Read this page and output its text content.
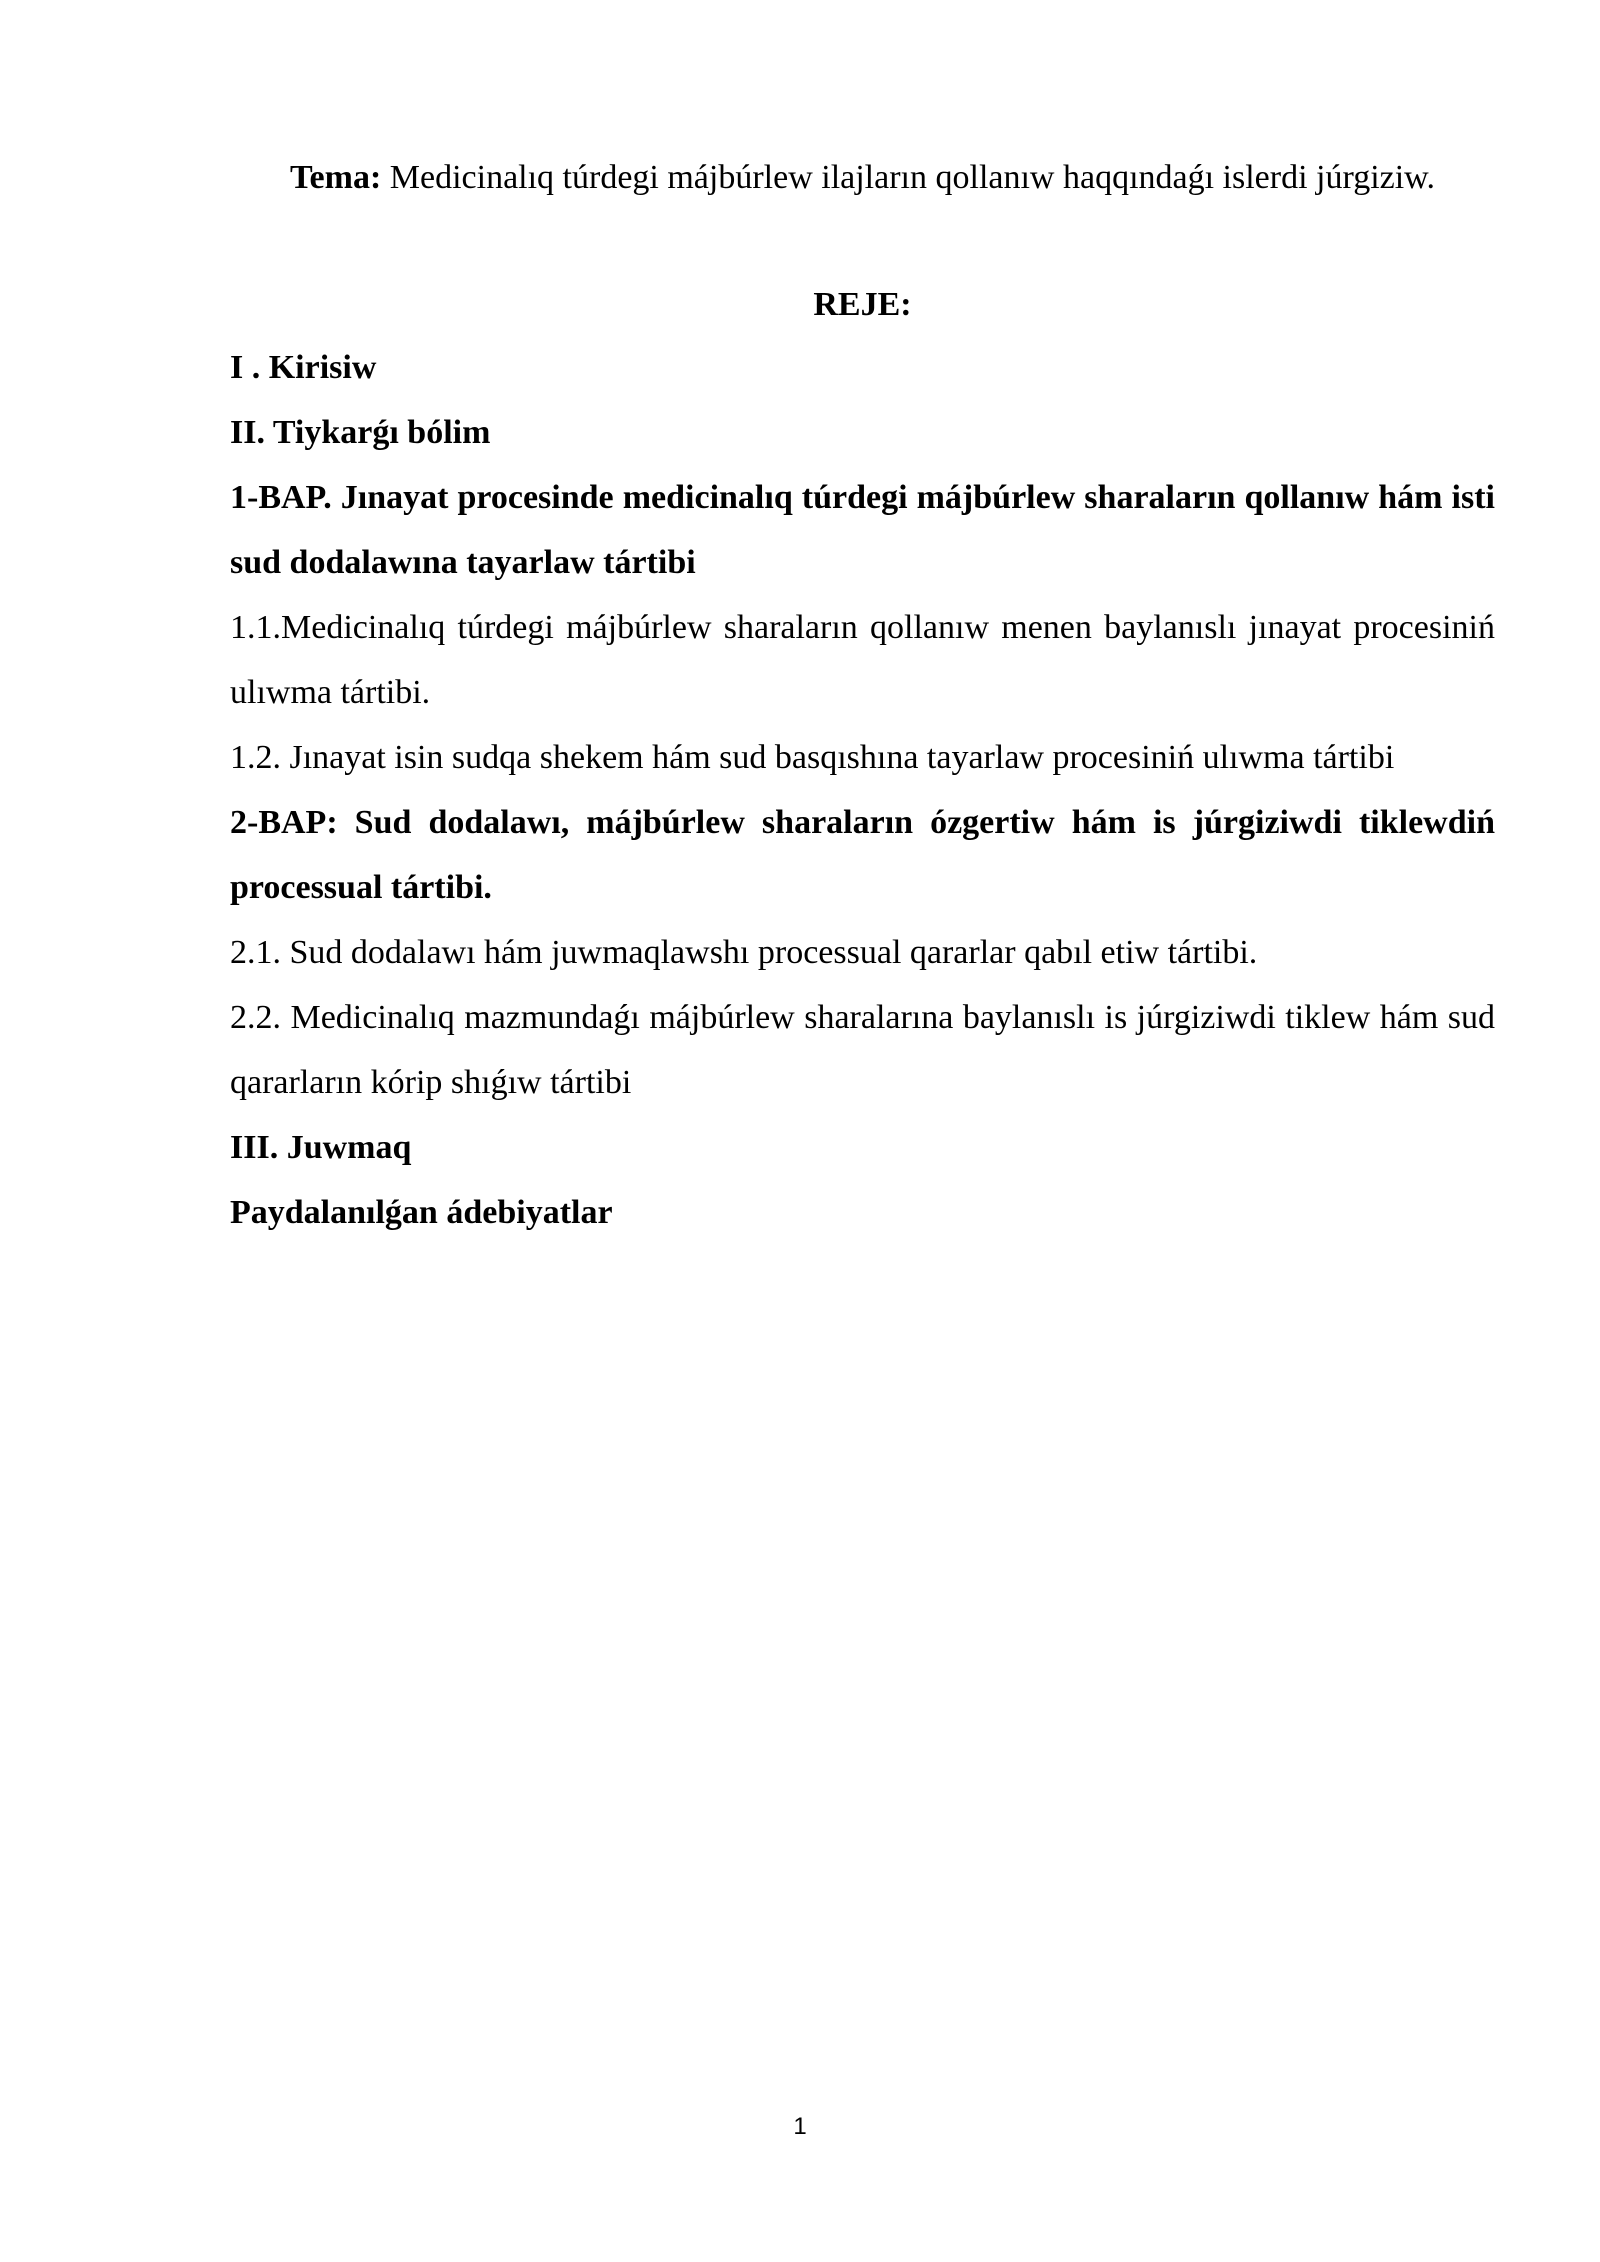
Tema: Medicinalıq túrdegi májbúrlew ilajların qollanıw haqqındaǵı islerdi júrgiziw.
REJE:
I . Kirisiw
II. Tiykarǵı bólim
1-BAP. Jınayat procesinde medicinalıq túrdegi májbúrlew sharaların qollanıw hám isti sud dodalawına tayarlaw tártibi
1.1.Medicinalıq túrdegi májbúrlew sharaların qollanıw menen baylanıslı jınayat procesiniń ulıwma tártibi.
1.2. Jınayat isin sudqa shekem hám sud basqıshına tayarlaw procesiniń ulıwma tártibi
2-BAP: Sud dodalawı, májbúrlew sharaların ózgertiw hám is júrgiziwdi tiklewdiń processual tártibi.
2.1. Sud dodalawı hám juwmaqlawshı processual qararlar qabıl etiw tártibi.
2.2. Medicinalıq mazmundaǵı májbúrlew sharalarına baylanıslı is júrgiziwdi tiklew hám sud qararların kórip shıǵıw tártibi
III. Juwmaq
Paydalanılǵan ádebiyatlar
1
